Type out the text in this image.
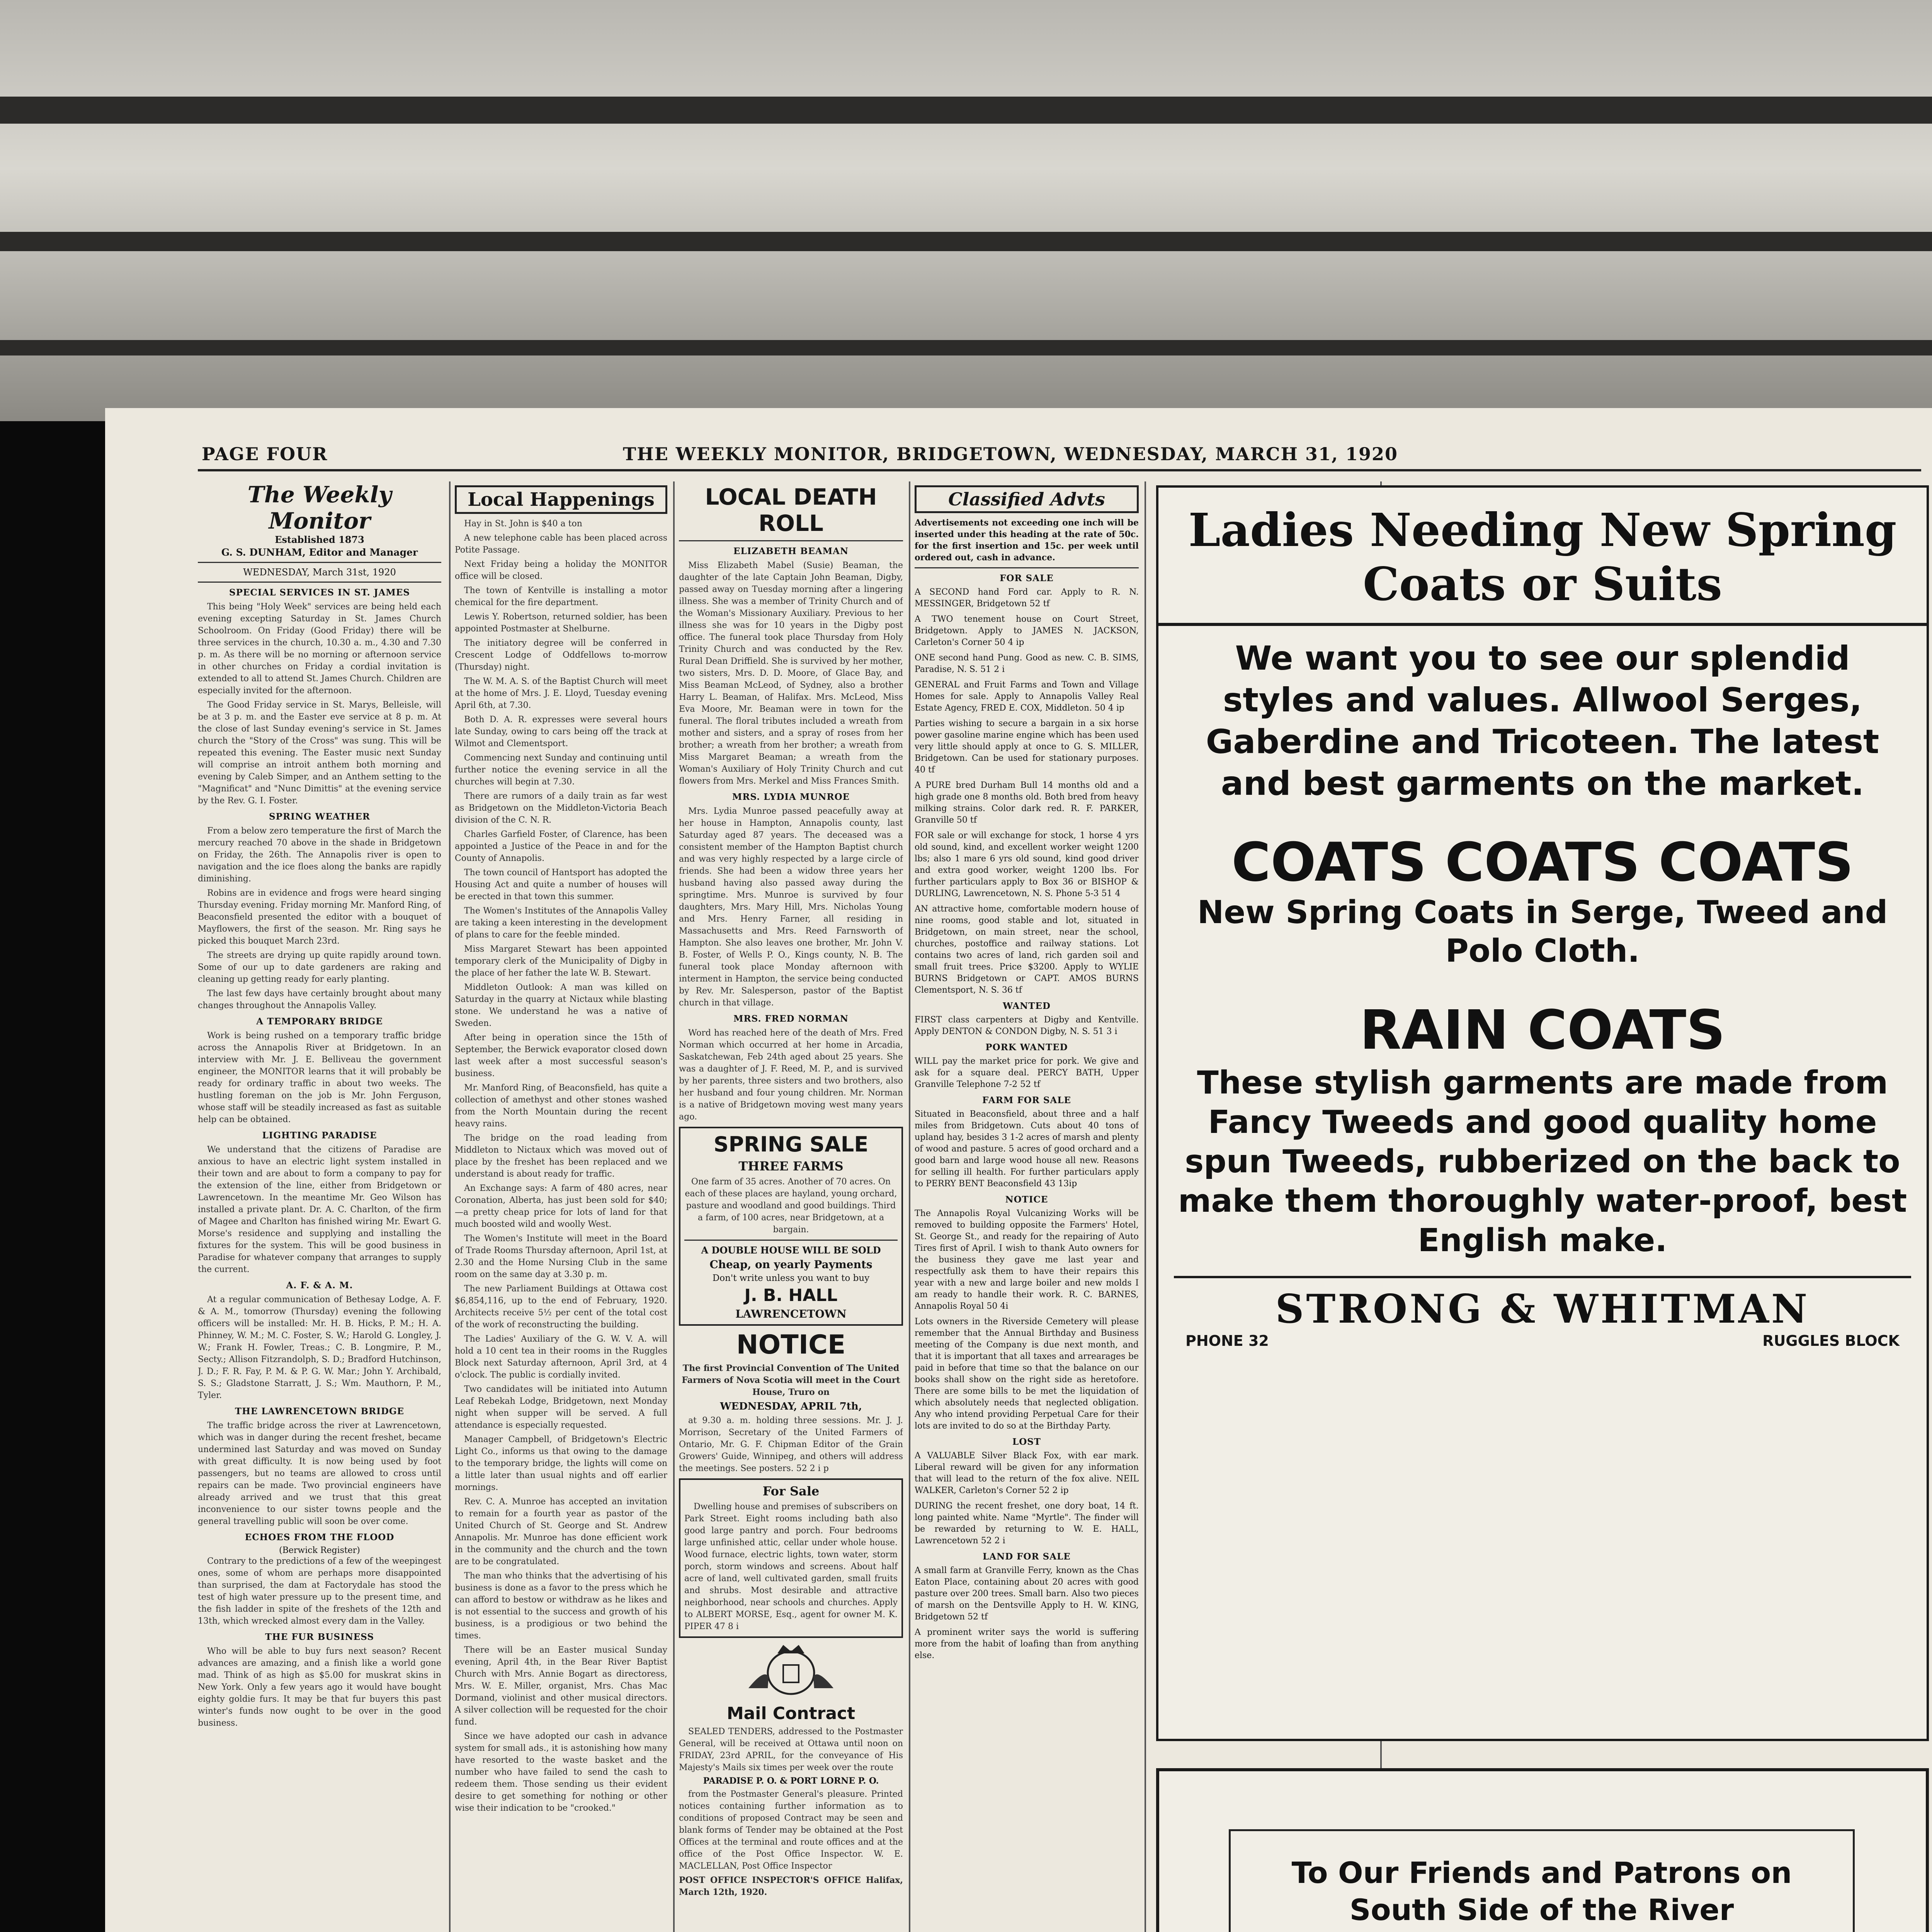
PAGE FOUR	THE WEEKLY MONITOR, BRIDGETOWN, WEDNESDAY, MARCH 31, 1920

The Weekly Monitor

Established 1873
G. S. DUNHAM, Editor and Manager
WEDNESDAY, March 31st, 1920
SPECIAL SERVICES IN ST. JAMES

This being "Holy Week" services are being held each evening excepting Saturday in St. James Church Schoolroom. On Friday (Good Friday) there will be three services in the church, 10.30 a. m., 4.30 and 7.30 p. m. As there will be no morning or afternoon service in other churches on Friday a cordial invitation is extended to all to attend St. James Church. Children are especially invited for the afternoon.

The Good Friday service in St. Marys, Belleisle, will be at 3 p. m. and the Easter eve service at 8 p. m. At the close of last Sunday evening's service in St. James church the "Story of the Cross" was sung. This will be repeated this evening. The Easter music next Sunday will comprise an introit anthem both morning and evening by Caleb Simper, and an Anthem setting to the "Magnificat" and "Nunc Dimittis" at the evening service by the Rev. G. I. Foster.

SPRING WEATHER

From a below zero temperature the first of March the mercury reached 70 above in the shade in Bridgetown on Friday, the 26th. The Annapolis river is open to navigation and the ice floes along the banks are rapidly diminishing.

Robins are in evidence and frogs were heard singing Thursday evening. Friday morning Mr. Manford Ring, of Beaconsfield presented the editor with a bouquet of Mayflowers, the first of the season. Mr. Ring says he picked this bouquet March 23rd.

The streets are drying up quite rapidly around town. Some of our up to date gardeners are raking and cleaning up getting ready for early planting.

The last few days have certainly brought about many changes throughout the Annapolis Valley.

A TEMPORARY BRIDGE

Work is being rushed on a temporary traffic bridge across the Annapolis River at Bridgetown. In an interview with Mr. J. E. Belliveau the government engineer, the MONITOR learns that it will probably be ready for ordinary traffic in about two weeks. The hustling foreman on the job is Mr. John Ferguson, whose staff will be steadily increased as fast as suitable help can be obtained.

LIGHTING PARADISE

We understand that the citizens of Paradise are anxious to have an electric light system installed in their town and are about to form a company to pay for the extension of the line, either from Bridgetown or Lawrencetown. In the meantime Mr. Geo Wilson has installed a private plant. Dr. A. C. Charlton, of the firm of Magee and Charlton has finished wiring Mr. Ewart G. Morse's residence and supplying and installing the fixtures for the system. This will be good business in Paradise for whatever company that arranges to supply the current.

A. F. & A. M.

At a regular communication of Bethesay Lodge, A. F. & A. M., tomorrow (Thursday) evening the following officers will be installed: Mr. H. B. Hicks, P. M.; H. A. Phinney, W. M.; M. C. Foster, S. W.; Harold G. Longley, J. W.; Frank H. Fowler, Treas.; C. B. Longmire, P. M., Secty.; Allison Fitzrandolph, S. D.; Bradford Hutchinson, J. D.; F. R. Fay, P. M. & P. G. W. Mar.; John Y. Archibald, S. S.; Gladstone Starratt, J. S.; Wm. Mauthorn, P. M., Tyler.

THE LAWRENCETOWN BRIDGE

The traffic bridge across the river at Lawrencetown, which was in danger during the recent freshet, became undermined last Saturday and was moved on Sunday with great difficulty. It is now being used by foot passengers, but no teams are allowed to cross until repairs can be made. Two provincial engineers have already arrived and we trust that this great inconvenience to our sister towns people and the general travelling public will soon be over come.

ECHOES FROM THE FLOOD
(Berwick Register)

Contrary to the predictions of a few of the weepingest ones, some of whom are perhaps more disappointed than surprised, the dam at Factorydale has stood the test of high water pressure up to the present time, and the fish ladder in spite of the freshets of the 12th and 13th, which wrecked almost every dam in the Valley.

THE FUR BUSINESS

Who will be able to buy furs next season? Recent advances are amazing, and a finish like a world gone mad. Think of as high as $5.00 for muskrat skins in New York. Only a few years ago it would have bought eighty goldie furs. It may be that fur buyers this past winter's funds now ought to be over in the good business.

Local Happenings

Hay in St. John is $40 a ton

A new telephone cable has been placed across Potite Passage.

Next Friday being a holiday the MONITOR office will be closed.

The town of Kentville is installing a motor chemical for the fire department.

Lewis Y. Robertson, returned soldier, has been appointed Postmaster at Shelburne.

The initiatory degree will be conferred in Crescent Lodge of Oddfellows to-morrow (Thursday) night.

The W. M. A. S. of the Baptist Church will meet at the home of Mrs. J. E. Lloyd, Tuesday evening April 6th, at 7.30.

Both D. A. R. expresses were several hours late Sunday, owing to cars being off the track at Wilmot and Clementsport.

Commencing next Sunday and continuing until further notice the evening service in all the churches will begin at 7.30.

There are rumors of a daily train as far west as Bridgetown on the Middleton-Victoria Beach division of the C. N. R.

Charles Garfield Foster, of Clarence, has been appointed a Justice of the Peace in and for the County of Annapolis.

The town council of Hantsport has adopted the Housing Act and quite a number of houses will be erected in that town this summer.

The Women's Institutes of the Annapolis Valley are taking a keen interesting in the development of plans to care for the feeble minded.

Miss Margaret Stewart has been appointed temporary clerk of the Municipality of Digby in the place of her father the late W. B. Stewart.

Middleton Outlook: A man was killed on Saturday in the quarry at Nictaux while blasting stone. We understand he was a native of Sweden.

After being in operation since the 15th of September, the Berwick evaporator closed down last week after a most successful season's business.

Mr. Manford Ring, of Beaconsfield, has quite a collection of amethyst and other stones washed from the North Mountain during the recent heavy rains.

The bridge on the road leading from Middleton to Nictaux which was moved out of place by the freshet has been replaced and we understand is about ready for traffic.

An Exchange says: A farm of 480 acres, near Coronation, Alberta, has just been sold for $40;—a pretty cheap price for lots of land for that much boosted wild and woolly West.

The Women's Institute will meet in the Board of Trade Rooms Thursday afternoon, April 1st, at 2.30 and the Home Nursing Club in the same room on the same day at 3.30 p. m.

The new Parliament Buildings at Ottawa cost $6,854,116, up to the end of February, 1920. Architects receive 5½ per cent of the total cost of the work of reconstructing the building.

The Ladies' Auxiliary of the G. W. V. A. will hold a 10 cent tea in their rooms in the Ruggles Block next Saturday afternoon, April 3rd, at 4 o'clock. The public is cordially invited.

Two candidates will be initiated into Autumn Leaf Rebekah Lodge, Bridgetown, next Monday night when supper will be served. A full attendance is especially requested.

Manager Campbell, of Bridgetown's Electric Light Co., informs us that owing to the damage to the temporary bridge, the lights will come on a little later than usual nights and off earlier mornings.

Rev. C. A. Munroe has accepted an invitation to remain for a fourth year as pastor of the United Church of St. George and St. Andrew Annapolis. Mr. Munroe has done efficient work in the community and the church and the town are to be congratulated.

The man who thinks that the advertising of his business is done as a favor to the press which he can afford to bestow or withdraw as he likes and is not essential to the success and growth of his business, is a prodigious or two behind the times.

There will be an Easter musical Sunday evening, April 4th, in the Bear River Baptist Church with Mrs. Annie Bogart as directoress, Mrs. W. E. Miller, organist, Mrs. Chas Mac Dormand, violinist and other musical directors. A silver collection will be requested for the choir fund.

Since we have adopted our cash in advance system for small ads., it is astonishing how many have resorted to the waste basket and the number who have failed to send the cash to redeem them. Those sending us their evident desire to get something for nothing or other wise their indication to be "crooked."

LOCAL DEATH ROLL
ELIZABETH BEAMAN

Miss Elizabeth Mabel (Susie) Beaman, the daughter of the late Captain John Beaman, Digby, passed away on Tuesday morning after a lingering illness. She was a member of Trinity Church and of the Woman's Missionary Auxiliary. Previous to her illness she was for 10 years in the Digby post office. The funeral took place Thursday from Holy Trinity Church and was conducted by the Rev. Rural Dean Driffield. She is survived by her mother, two sisters, Mrs. D. D. Moore, of Glace Bay, and Miss Beaman McLeod, of Sydney, also a brother Harry L. Beaman, of Halifax. Mrs. McLeod, Miss Eva Moore, Mr. Beaman were in town for the funeral. The floral tributes included a wreath from mother and sisters, and a spray of roses from her brother; a wreath from her brother; a wreath from Miss Margaret Beaman; a wreath from the Woman's Auxiliary of Holy Trinity Church and cut flowers from Mrs. Merkel and Miss Frances Smith.

MRS. LYDIA MUNROE

Mrs. Lydia Munroe passed peacefully away at her house in Hampton, Annapolis county, last Saturday aged 87 years. The deceased was a consistent member of the Hampton Baptist church and was very highly respected by a large circle of friends. She had been a widow three years her husband having also passed away during the springtime. Mrs. Munroe is survived by four daughters, Mrs. Mary Hill, Mrs. Nicholas Young and Mrs. Henry Farner, all residing in Massachusetts and Mrs. Reed Farnsworth of Hampton. She also leaves one brother, Mr. John V. B. Foster, of Wells P. O., Kings county, N. B. The funeral took place Monday afternoon with interment in Hampton, the service being conducted by Rev. Mr. Salesperson, pastor of the Baptist church in that village.

MRS. FRED NORMAN

Word has reached here of the death of Mrs. Fred Norman which occurred at her home in Arcadia, Saskatchewan, Feb 24th aged about 25 years. She was a daughter of J. F. Reed, M. P., and is survived by her parents, three sisters and two brothers, also her husband and four young children. Mr. Norman is a native of Bridgetown moving west many years ago.

SPRING SALE
THREE FARMS
One farm of 35 acres. Another of 70 acres. On each of these places are hayland, young orchard, pasture and woodland and good buildings. Third a farm, of 100 acres, near Bridgetown, at a bargain.
A DOUBLE HOUSE WILL BE SOLD
Cheap, on yearly Payments
Don't write unless you want to buy
J. B. HALL
LAWRENCETOWN
NOTICE
The first Provincial Convention of The United Farmers of Nova Scotia will meet in the Court House, Truro on
WEDNESDAY, APRIL 7th,

at 9.30 a. m. holding three sessions. Mr. J. J. Morrison, Secretary of the United Farmers of Ontario, Mr. G. F. Chipman Editor of the Grain Growers' Guide, Winnipeg, and others will address the meetings. See posters. 52 2 i p

For Sale

Dwelling house and premises of subscribers on Park Street. Eight rooms including bath also good large pantry and porch. Four bedrooms large unfinished attic, cellar under whole house. Wood furnace, electric lights, town water, storm porch, storm windows and screens. About half acre of land, well cultivated garden, small fruits and shrubs. Most desirable and attractive neighborhood, near schools and churches. Apply to ALBERT MORSE, Esq., agent for owner M. K. PIPER 47 8 i

Mail Contract

SEALED TENDERS, addressed to the Postmaster General, will be received at Ottawa until noon on FRIDAY, 23rd APRIL, for the conveyance of His Majesty's Mails six times per week over the route

PARADISE P. O. & PORT LORNE P. O.

from the Postmaster General's pleasure. Printed notices containing further information as to conditions of proposed Contract may be seen and blank forms of Tender may be obtained at the Post Offices at the terminal and route offices and at the office of the Post Office Inspector. W. E. MACLELLAN, Post Office Inspector

POST OFFICE INSPECTOR'S OFFICE Halifax, March 12th, 1920.
Classified Advts
Advertisements not exceeding one inch will be inserted under this heading at the rate of 50c. for the first insertion and 15c. per week until ordered out, cash in advance.
FOR SALE
A SECOND hand Ford car. Apply to R. N. MESSINGER, Bridgetown 52 tf
A TWO tenement house on Court Street, Bridgetown. Apply to JAMES N. JACKSON, Carleton's Corner 50 4 ip
ONE second hand Pung. Good as new. C. B. SIMS, Paradise, N. S. 51 2 i
GENERAL and Fruit Farms and Town and Village Homes for sale. Apply to Annapolis Valley Real Estate Agency, FRED E. COX, Middleton. 50 4 ip
Parties wishing to secure a bargain in a six horse power gasoline marine engine which has been used very little should apply at once to G. S. MILLER, Bridgetown. Can be used for stationary purposes. 40 tf
A PURE bred Durham Bull 14 months old and a high grade one 8 months old. Both bred from heavy milking strains. Color dark red. R. F. PARKER, Granville 50 tf
FOR sale or will exchange for stock, 1 horse 4 yrs old sound, kind, and excellent worker weight 1200 lbs; also 1 mare 6 yrs old sound, kind good driver and extra good worker, weight 1200 lbs. For further particulars apply to Box 36 or BISHOP & DURLING, Lawrencetown, N. S. Phone 5-3 51 4
AN attractive home, comfortable modern house of nine rooms, good stable and lot, situated in Bridgetown, on main street, near the school, churches, postoffice and railway stations. Lot contains two acres of land, rich garden soil and small fruit trees. Price $3200. Apply to WYLIE BURNS Bridgetown or CAPT. AMOS BURNS Clementsport, N. S. 36 tf
WANTED
FIRST class carpenters at Digby and Kentville. Apply DENTON & CONDON Digby, N. S. 51 3 i
PORK WANTED
WILL pay the market price for pork. We give and ask for a square deal. PERCY BATH, Upper Granville Telephone 7-2 52 tf
FARM FOR SALE
Situated in Beaconsfield, about three and a half miles from Bridgetown. Cuts about 40 tons of upland hay, besides 3 1-2 acres of marsh and plenty of wood and pasture. 5 acres of good orchard and a good barn and large wood house all new. Reasons for selling ill health. For further particulars apply to PERRY BENT Beaconsfield 43 13ip
NOTICE
The Annapolis Royal Vulcanizing Works will be removed to building opposite the Farmers' Hotel, St. George St., and ready for the repairing of Auto Tires first of April. I wish to thank Auto owners for the business they gave me last year and respectfully ask them to have their repairs this year with a new and large boiler and new molds I am ready to handle their work. R. C. BARNES, Annapolis Royal 50 4i
Lots owners in the Riverside Cemetery will please remember that the Annual Birthday and Business meeting of the Company is due next month, and that it is important that all taxes and arrearages be paid in before that time so that the balance on our books shall show on the right side as heretofore. There are some bills to be met the liquidation of which absolutely needs that neglected obligation. Any who intend providing Perpetual Care for their lots are invited to do so at the Birthday Party.
LOST
A VALUABLE Silver Black Fox, with ear mark. Liberal reward will be given for any information that will lead to the return of the fox alive. NEIL WALKER, Carleton's Corner 52 2 ip
DURING the recent freshet, one dory boat, 14 ft. long painted white. Name "Myrtle". The finder will be rewarded by returning to W. E. HALL, Lawrencetown 52 2 i
LAND FOR SALE
A small farm at Granville Ferry, known as the Chas Eaton Place, containing about 20 acres with good pasture over 200 trees. Small barn. Also two pieces of marsh on the Dentsville Apply to H. W. KING, Bridgetown 52 tf
A prominent writer says the world is suffering more from the habit of loafing than from anything else.
Ladies Needing New Spring Coats or Suits
We want you to see our splendid styles and values. Allwool Serges, Gaberdine and Tricoteen. The latest and best garments on the market.
COATS COATS COATS
New Spring Coats in Serge, Tweed and Polo Cloth.
RAIN COATS
These stylish garments are made from Fancy Tweeds and good quality home spun Tweeds, rubberized on the back to make them thoroughly water-proof, best English make.
STRONG & WHITMAN
PHONE 32	RUGGLES BLOCK
To Our Friends and Patrons on South Side of the River
